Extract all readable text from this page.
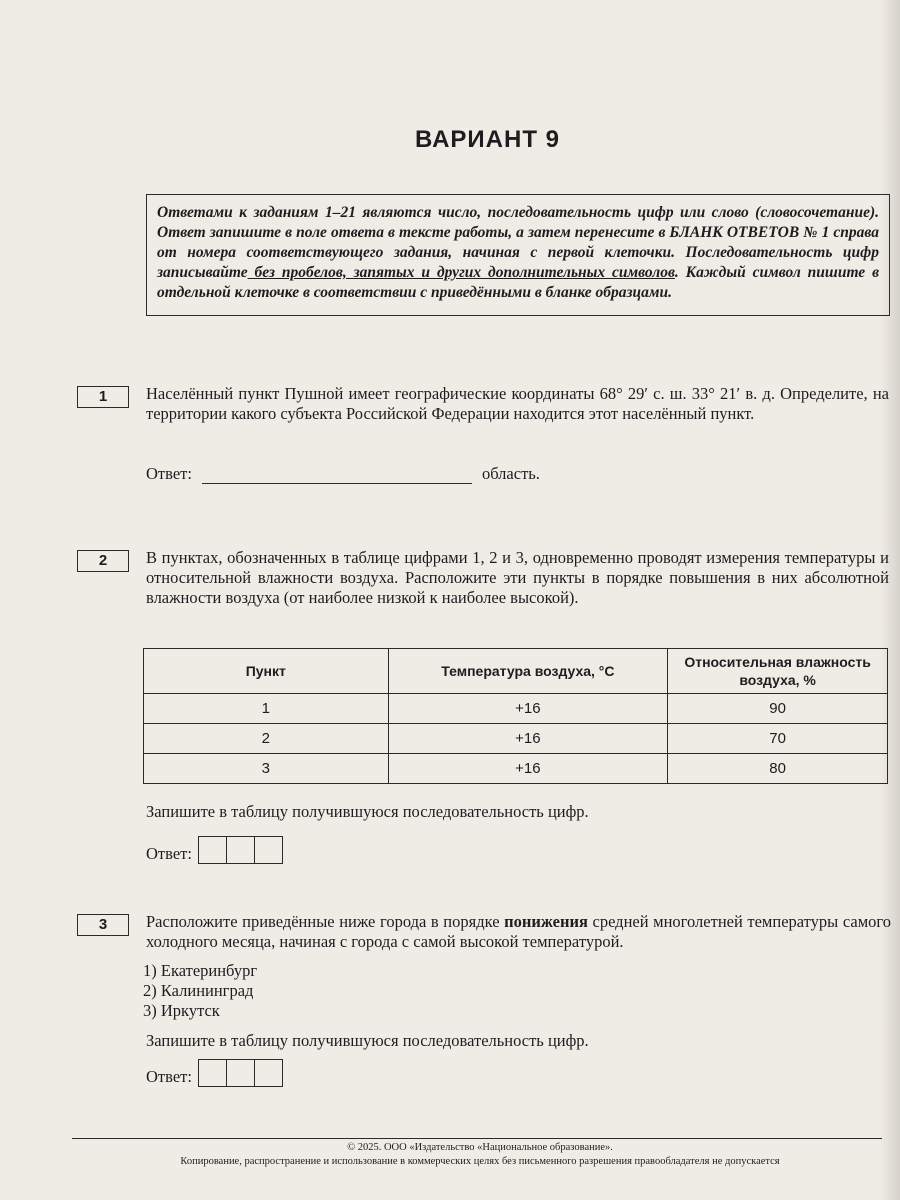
ВАРИАНТ 9
Ответами к заданиям 1–21 являются число, последовательность цифр или слово (словосочетание). Ответ запишите в поле ответа в тексте работы, а затем перенесите в БЛАНК ОТВЕТОВ № 1 справа от номера соответствующего задания, начиная с первой клеточки. Последовательность цифр записывайте без пробелов, запятых и других дополнительных символов. Каждый символ пишите в отдельной клеточке в соответствии с приведёнными в бланке образцами.
1	Населённый пункт Пушной имеет географические координаты 68° 29′ с. ш. 33° 21′ в. д. Определите, на территории какого субъекта Российской Федерации находится этот населённый пункт.
Ответ:	область.
2	В пунктах, обозначенных в таблице цифрами 1, 2 и 3, одновременно проводят измерения температуры и относительной влажности воздуха. Расположите эти пункты в порядке повышения в них абсолютной влажности воздуха (от наиболее низкой к наиболее высокой).
Пункт	Температура воздуха, °C	Относительная влажность воздуха, %
1	+16	90
2	+16	70
3	+16	80
Запишите в таблицу получившуюся последовательность цифр.
Ответ:
3	Расположите приведённые ниже города в порядке понижения средней многолетней температуры самого холодного месяца, начиная с города с самой высокой температурой.
1) Екатеринбург
2) Калининград
3) Иркутск
Запишите в таблицу получившуюся последовательность цифр.
Ответ:
© 2025. ООО «Издательство «Национальное образование».
Копирование, распространение и использование в коммерческих целях без письменного разрешения правообладателя не допускается
